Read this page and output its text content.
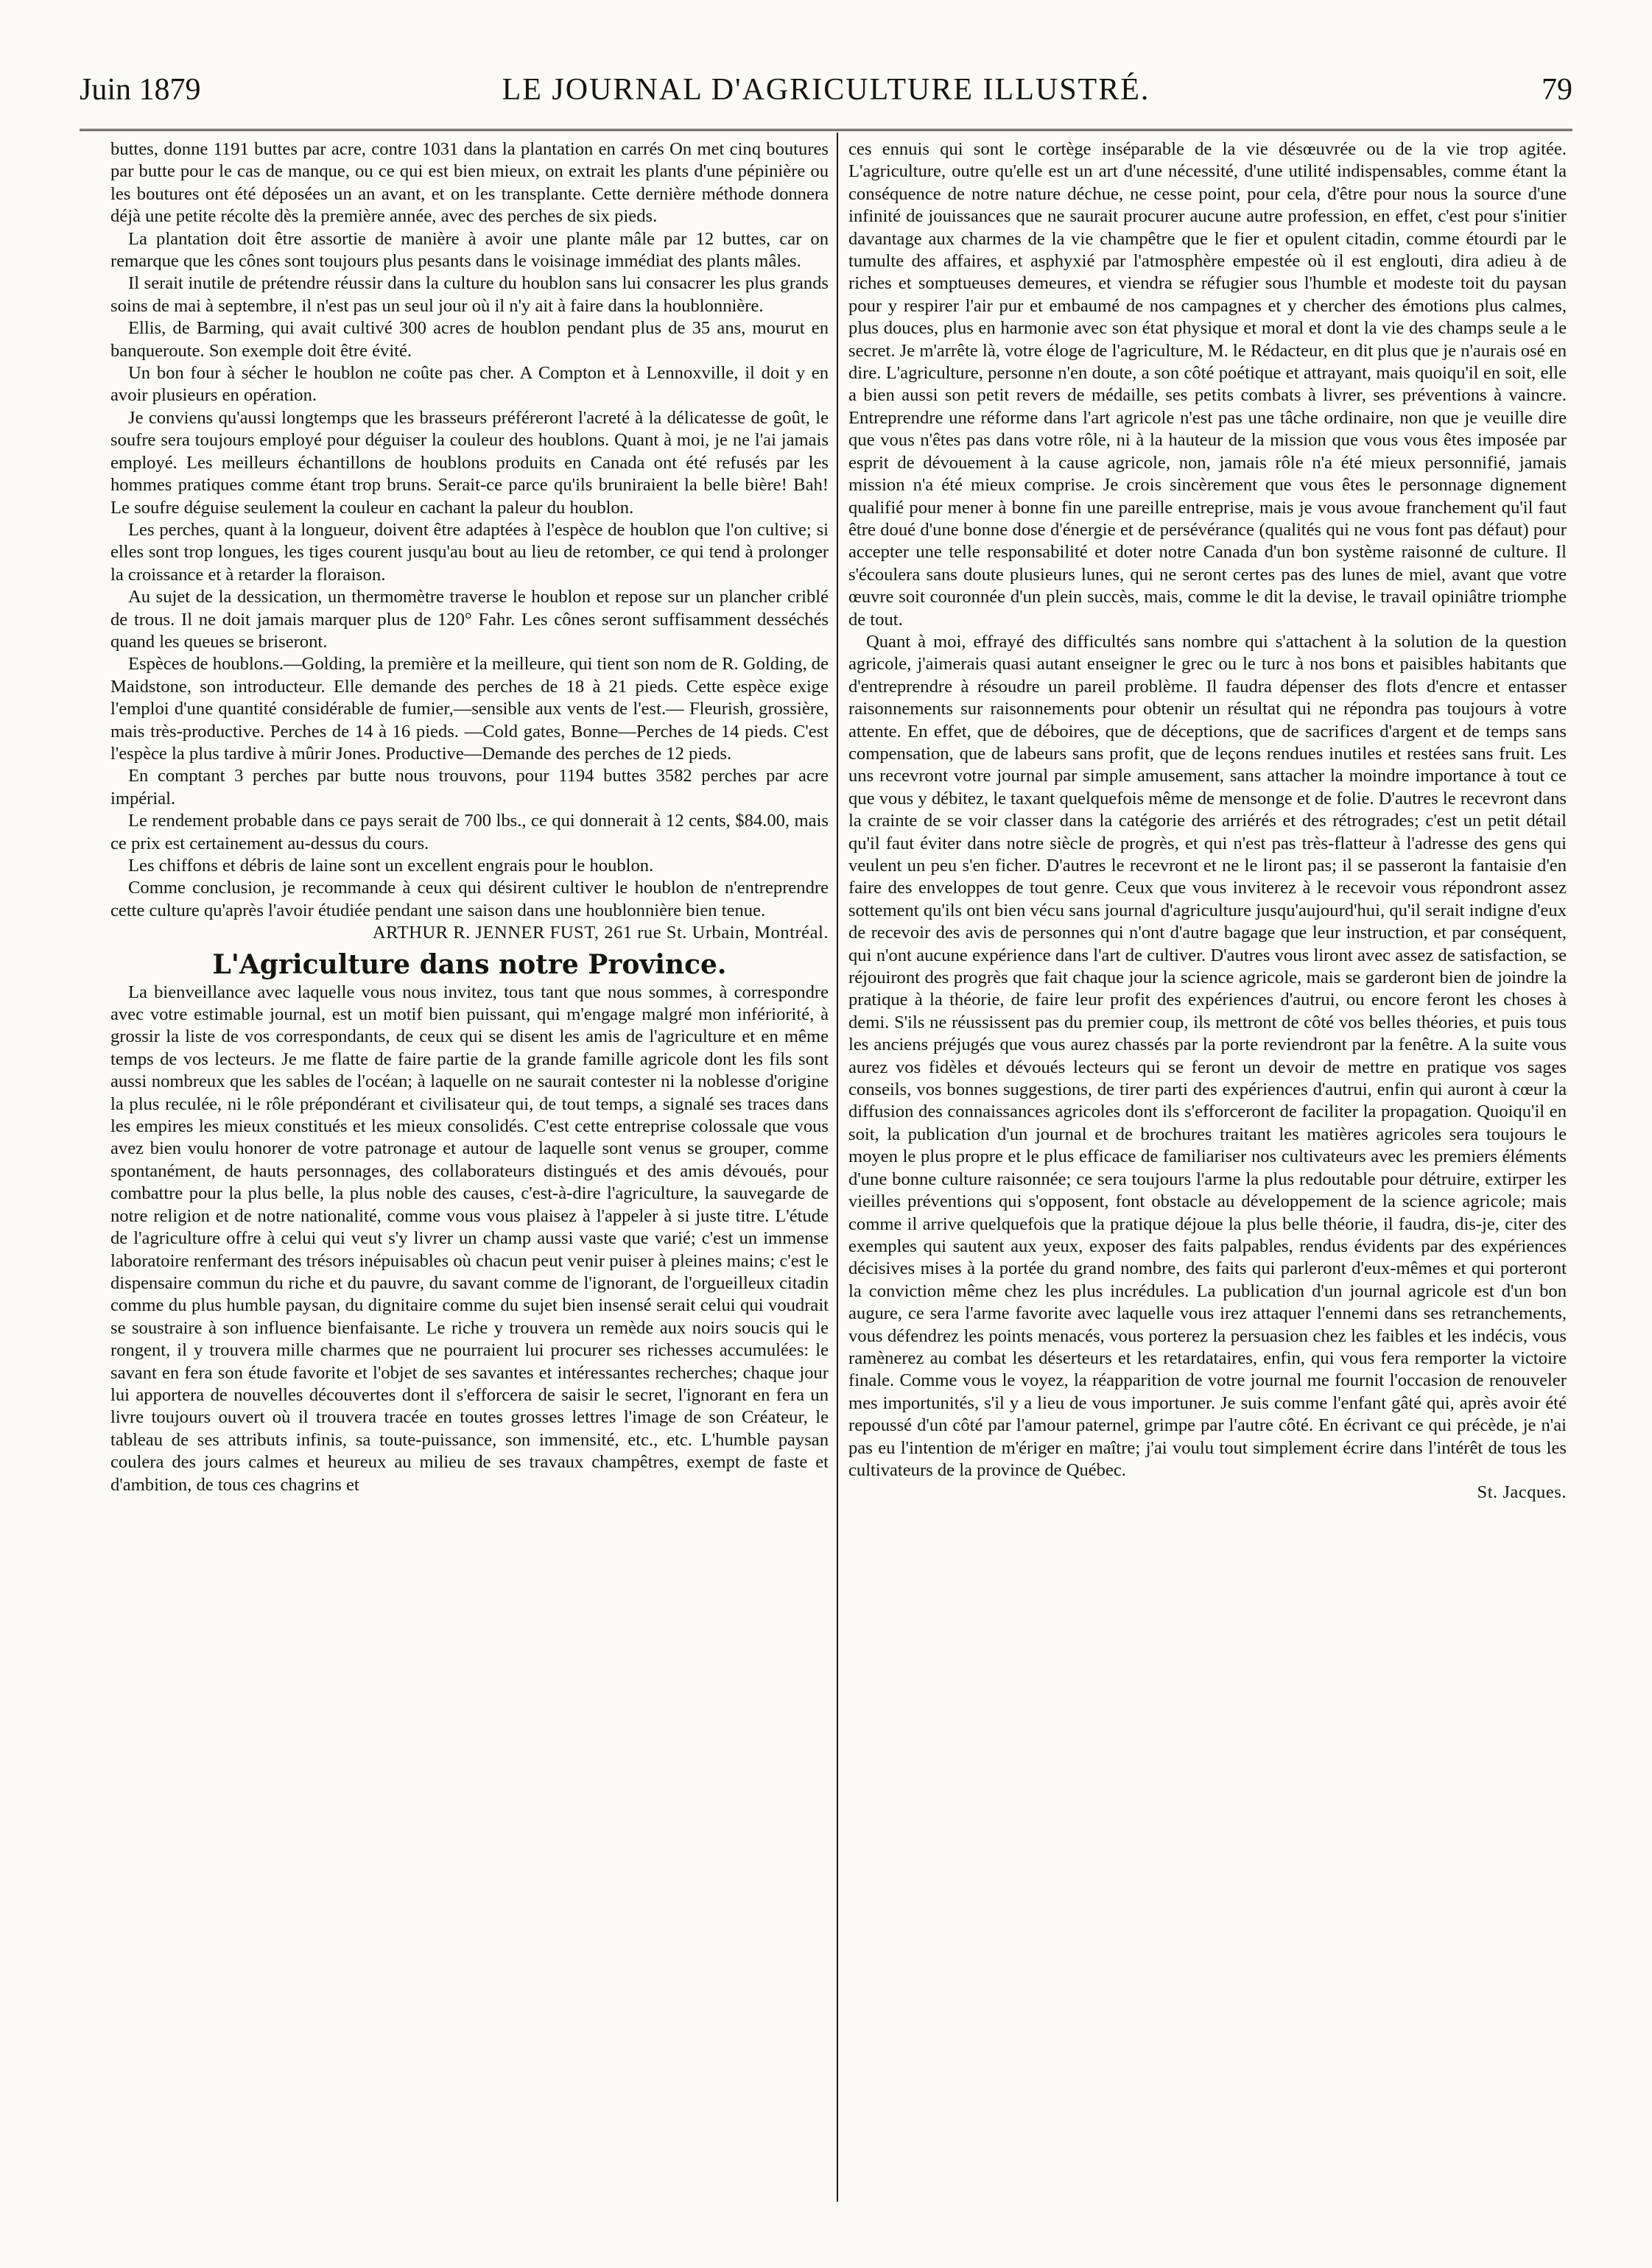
Juin 1879	LE JOURNAL D'AGRICULTURE ILLUSTRÉ.	79

buttes, donne 1191 buttes par acre, contre 1031 dans la plantation en carrés On met cinq boutures par butte pour le cas de manque, ou ce qui est bien mieux, on extrait les plants d'une pépinière ou les boutures ont été déposées un an avant, et on les transplante. Cette dernière méthode donnera déjà une petite récolte dès la première année, avec des perches de six pieds.

La plantation doit être assortie de manière à avoir une plante mâle par 12 buttes, car on remarque que les cônes sont toujours plus pesants dans le voisinage immédiat des plants mâles.

Il serait inutile de prétendre réussir dans la culture du houblon sans lui consacrer les plus grands soins de mai à septembre, il n'est pas un seul jour où il n'y ait à faire dans la houblonnière.

Ellis, de Barming, qui avait cultivé 300 acres de houblon pendant plus de 35 ans, mourut en banqueroute. Son exemple doit être évité.

Un bon four à sécher le houblon ne coûte pas cher. A Compton et à Lennoxville, il doit y en avoir plusieurs en opération.

Je conviens qu'aussi longtemps que les brasseurs préféreront l'acreté à la délicatesse de goût, le soufre sera toujours employé pour déguiser la couleur des houblons. Quant à moi, je ne l'ai jamais employé. Les meilleurs échantillons de houblons produits en Canada ont été refusés par les hommes pratiques comme étant trop bruns. Serait-ce parce qu'ils bruniraient la belle bière! Bah! Le soufre déguise seulement la couleur en cachant la paleur du houblon.

Les perches, quant à la longueur, doivent être adaptées à l'espèce de houblon que l'on cultive; si elles sont trop longues, les tiges courent jusqu'au bout au lieu de retomber, ce qui tend à prolonger la croissance et à retarder la floraison.

Au sujet de la dessication, un thermomètre traverse le houblon et repose sur un plancher criblé de trous. Il ne doit jamais marquer plus de 120° Fahr. Les cônes seront suffisamment desséchés quand les queues se briseront.

Espèces de houblons.—Golding, la première et la meilleure, qui tient son nom de R. Golding, de Maidstone, son introducteur. Elle demande des perches de 18 à 21 pieds. Cette espèce exige l'emploi d'une quantité considérable de fumier,—sensible aux vents de l'est.— Fleurish, grossière, mais très-productive. Perches de 14 à 16 pieds. —Cold gates, Bonne—Perches de 14 pieds. C'est l'espèce la plus tardive à mûrir Jones. Productive—Demande des perches de 12 pieds.

En comptant 3 perches par butte nous trouvons, pour 1194 buttes 3582 perches par acre impérial.

Le rendement probable dans ce pays serait de 700 lbs., ce qui donnerait à 12 cents, $84.00, mais ce prix est certainement au-dessus du cours.

Les chiffons et débris de laine sont un excellent engrais pour le houblon.

Comme conclusion, je recommande à ceux qui désirent cultiver le houblon de n'entreprendre cette culture qu'après l'avoir étudiée pendant une saison dans une houblonnière bien tenue.

ARTHUR R. JENNER FUST, 261 rue St. Urbain, Montréal.

L'Agriculture dans notre Province.

La bienveillance avec laquelle vous nous invitez, tous tant que nous sommes, à correspondre avec votre estimable journal, est un motif bien puissant, qui m'engage malgré mon infériorité, à grossir la liste de vos correspondants, de ceux qui se disent les amis de l'agriculture et en même temps de vos lecteurs. Je me flatte de faire partie de la grande famille agricole dont les fils sont aussi nombreux que les sables de l'océan; à laquelle on ne saurait contester ni la noblesse d'origine la plus reculée, ni le rôle prépondérant et civilisateur qui, de tout temps, a signalé ses traces dans les empires les mieux constitués et les mieux consolidés. C'est cette entreprise colossale que vous avez bien voulu honorer de votre patronage et autour de laquelle sont venus se grouper, comme spontanément, de hauts personnages, des collaborateurs distingués et des amis dévoués, pour combattre pour la plus belle, la plus noble des causes, c'est-à-dire l'agriculture, la sauvegarde de notre religion et de notre nationalité, comme vous vous plaisez à l'appeler à si juste titre. L'étude de l'agriculture offre à celui qui veut s'y livrer un champ aussi vaste que varié; c'est un immense laboratoire renfermant des trésors inépuisables où chacun peut venir puiser à pleines mains; c'est le dispensaire commun du riche et du pauvre, du savant comme de l'ignorant, de l'orgueilleux citadin comme du plus humble paysan, du dignitaire comme du sujet bien insensé serait celui qui voudrait se soustraire à son influence bienfaisante. Le riche y trouvera un remède aux noirs soucis qui le rongent, il y trouvera mille charmes que ne pourraient lui procurer ses richesses accumulées: le savant en fera son étude favorite et l'objet de ses savantes et intéressantes recherches; chaque jour lui apportera de nouvelles découvertes dont il s'efforcera de saisir le secret, l'ignorant en fera un livre toujours ouvert où il trouvera tracée en toutes grosses lettres l'image de son Créateur, le tableau de ses attributs infinis, sa toute-puissance, son immensité, etc., etc. L'humble paysan coulera des jours calmes et heureux au milieu de ses travaux champêtres, exempt de faste et d'ambition, de tous ces chagrins et

ces ennuis qui sont le cortège inséparable de la vie désœuvrée ou de la vie trop agitée. L'agriculture, outre qu'elle est un art d'une nécessité, d'une utilité indispensables, comme étant la conséquence de notre nature déchue, ne cesse point, pour cela, d'être pour nous la source d'une infinité de jouissances que ne saurait procurer aucune autre profession, en effet, c'est pour s'initier davantage aux charmes de la vie champêtre que le fier et opulent citadin, comme étourdi par le tumulte des affaires, et asphyxié par l'atmosphère empestée où il est englouti, dira adieu à de riches et somptueuses demeures, et viendra se réfugier sous l'humble et modeste toit du paysan pour y respirer l'air pur et embaumé de nos campagnes et y chercher des émotions plus calmes, plus douces, plus en harmonie avec son état physique et moral et dont la vie des champs seule a le secret. Je m'arrête là, votre éloge de l'agriculture, M. le Rédacteur, en dit plus que je n'aurais osé en dire. L'agriculture, personne n'en doute, a son côté poétique et attrayant, mais quoiqu'il en soit, elle a bien aussi son petit revers de médaille, ses petits combats à livrer, ses préventions à vaincre. Entreprendre une réforme dans l'art agricole n'est pas une tâche ordinaire, non que je veuille dire que vous n'êtes pas dans votre rôle, ni à la hauteur de la mission que vous vous êtes imposée par esprit de dévouement à la cause agricole, non, jamais rôle n'a été mieux personnifié, jamais mission n'a été mieux comprise. Je crois sincèrement que vous êtes le personnage dignement qualifié pour mener à bonne fin une pareille entreprise, mais je vous avoue franchement qu'il faut être doué d'une bonne dose d'énergie et de persévérance (qualités qui ne vous font pas défaut) pour accepter une telle responsabilité et doter notre Canada d'un bon système raisonné de culture. Il s'écoulera sans doute plusieurs lunes, qui ne seront certes pas des lunes de miel, avant que votre œuvre soit couronnée d'un plein succès, mais, comme le dit la devise, le travail opiniâtre triomphe de tout.

Quant à moi, effrayé des difficultés sans nombre qui s'attachent à la solution de la question agricole, j'aimerais quasi autant enseigner le grec ou le turc à nos bons et paisibles habitants que d'entreprendre à résoudre un pareil problème. Il faudra dépenser des flots d'encre et entasser raisonnements sur raisonnements pour obtenir un résultat qui ne répondra pas toujours à votre attente. En effet, que de déboires, que de déceptions, que de sacrifices d'argent et de temps sans compensation, que de labeurs sans profit, que de leçons rendues inutiles et restées sans fruit. Les uns recevront votre journal par simple amusement, sans attacher la moindre importance à tout ce que vous y débitez, le taxant quelquefois même de mensonge et de folie. D'autres le recevront dans la crainte de se voir classer dans la catégorie des arriérés et des rétrogrades; c'est un petit détail qu'il faut éviter dans notre siècle de progrès, et qui n'est pas très-flatteur à l'adresse des gens qui veulent un peu s'en ficher. D'autres le recevront et ne le liront pas; il se passeront la fantaisie d'en faire des enveloppes de tout genre. Ceux que vous inviterez à le recevoir vous répondront assez sottement qu'ils ont bien vécu sans journal d'agriculture jusqu'aujourd'hui, qu'il serait indigne d'eux de recevoir des avis de personnes qui n'ont d'autre bagage que leur instruction, et par conséquent, qui n'ont aucune expérience dans l'art de cultiver. D'autres vous liront avec assez de satisfaction, se réjouiront des progrès que fait chaque jour la science agricole, mais se garderont bien de joindre la pratique à la théorie, de faire leur profit des expériences d'autrui, ou encore feront les choses à demi. S'ils ne réussissent pas du premier coup, ils mettront de côté vos belles théories, et puis tous les anciens préjugés que vous aurez chassés par la porte reviendront par la fenêtre. A la suite vous aurez vos fidèles et dévoués lecteurs qui se feront un devoir de mettre en pratique vos sages conseils, vos bonnes suggestions, de tirer parti des expériences d'autrui, enfin qui auront à cœur la diffusion des connaissances agricoles dont ils s'efforceront de faciliter la propagation. Quoiqu'il en soit, la publication d'un journal et de brochures traitant les matières agricoles sera toujours le moyen le plus propre et le plus efficace de familiariser nos cultivateurs avec les premiers éléments d'une bonne culture raisonnée; ce sera toujours l'arme la plus redoutable pour détruire, extirper les vieilles préventions qui s'opposent, font obstacle au développement de la science agricole; mais comme il arrive quelquefois que la pratique déjoue la plus belle théorie, il faudra, dis-je, citer des exemples qui sautent aux yeux, exposer des faits palpables, rendus évidents par des expériences décisives mises à la portée du grand nombre, des faits qui parleront d'eux-mêmes et qui porteront la conviction même chez les plus incrédules. La publication d'un journal agricole est d'un bon augure, ce sera l'arme favorite avec laquelle vous irez attaquer l'ennemi dans ses retranchements, vous défendrez les points menacés, vous porterez la persuasion chez les faibles et les indécis, vous ramènerez au combat les déserteurs et les retardataires, enfin, qui vous fera remporter la victoire finale. Comme vous le voyez, la réapparition de votre journal me fournit l'occasion de renouveler mes importunités, s'il y a lieu de vous importuner. Je suis comme l'enfant gâté qui, après avoir été repoussé d'un côté par l'amour paternel, grimpe par l'autre côté. En écrivant ce qui précède, je n'ai pas eu l'intention de m'ériger en maître; j'ai voulu tout simplement écrire dans l'intérêt de tous les cultivateurs de la province de Québec.

St. Jacques.
